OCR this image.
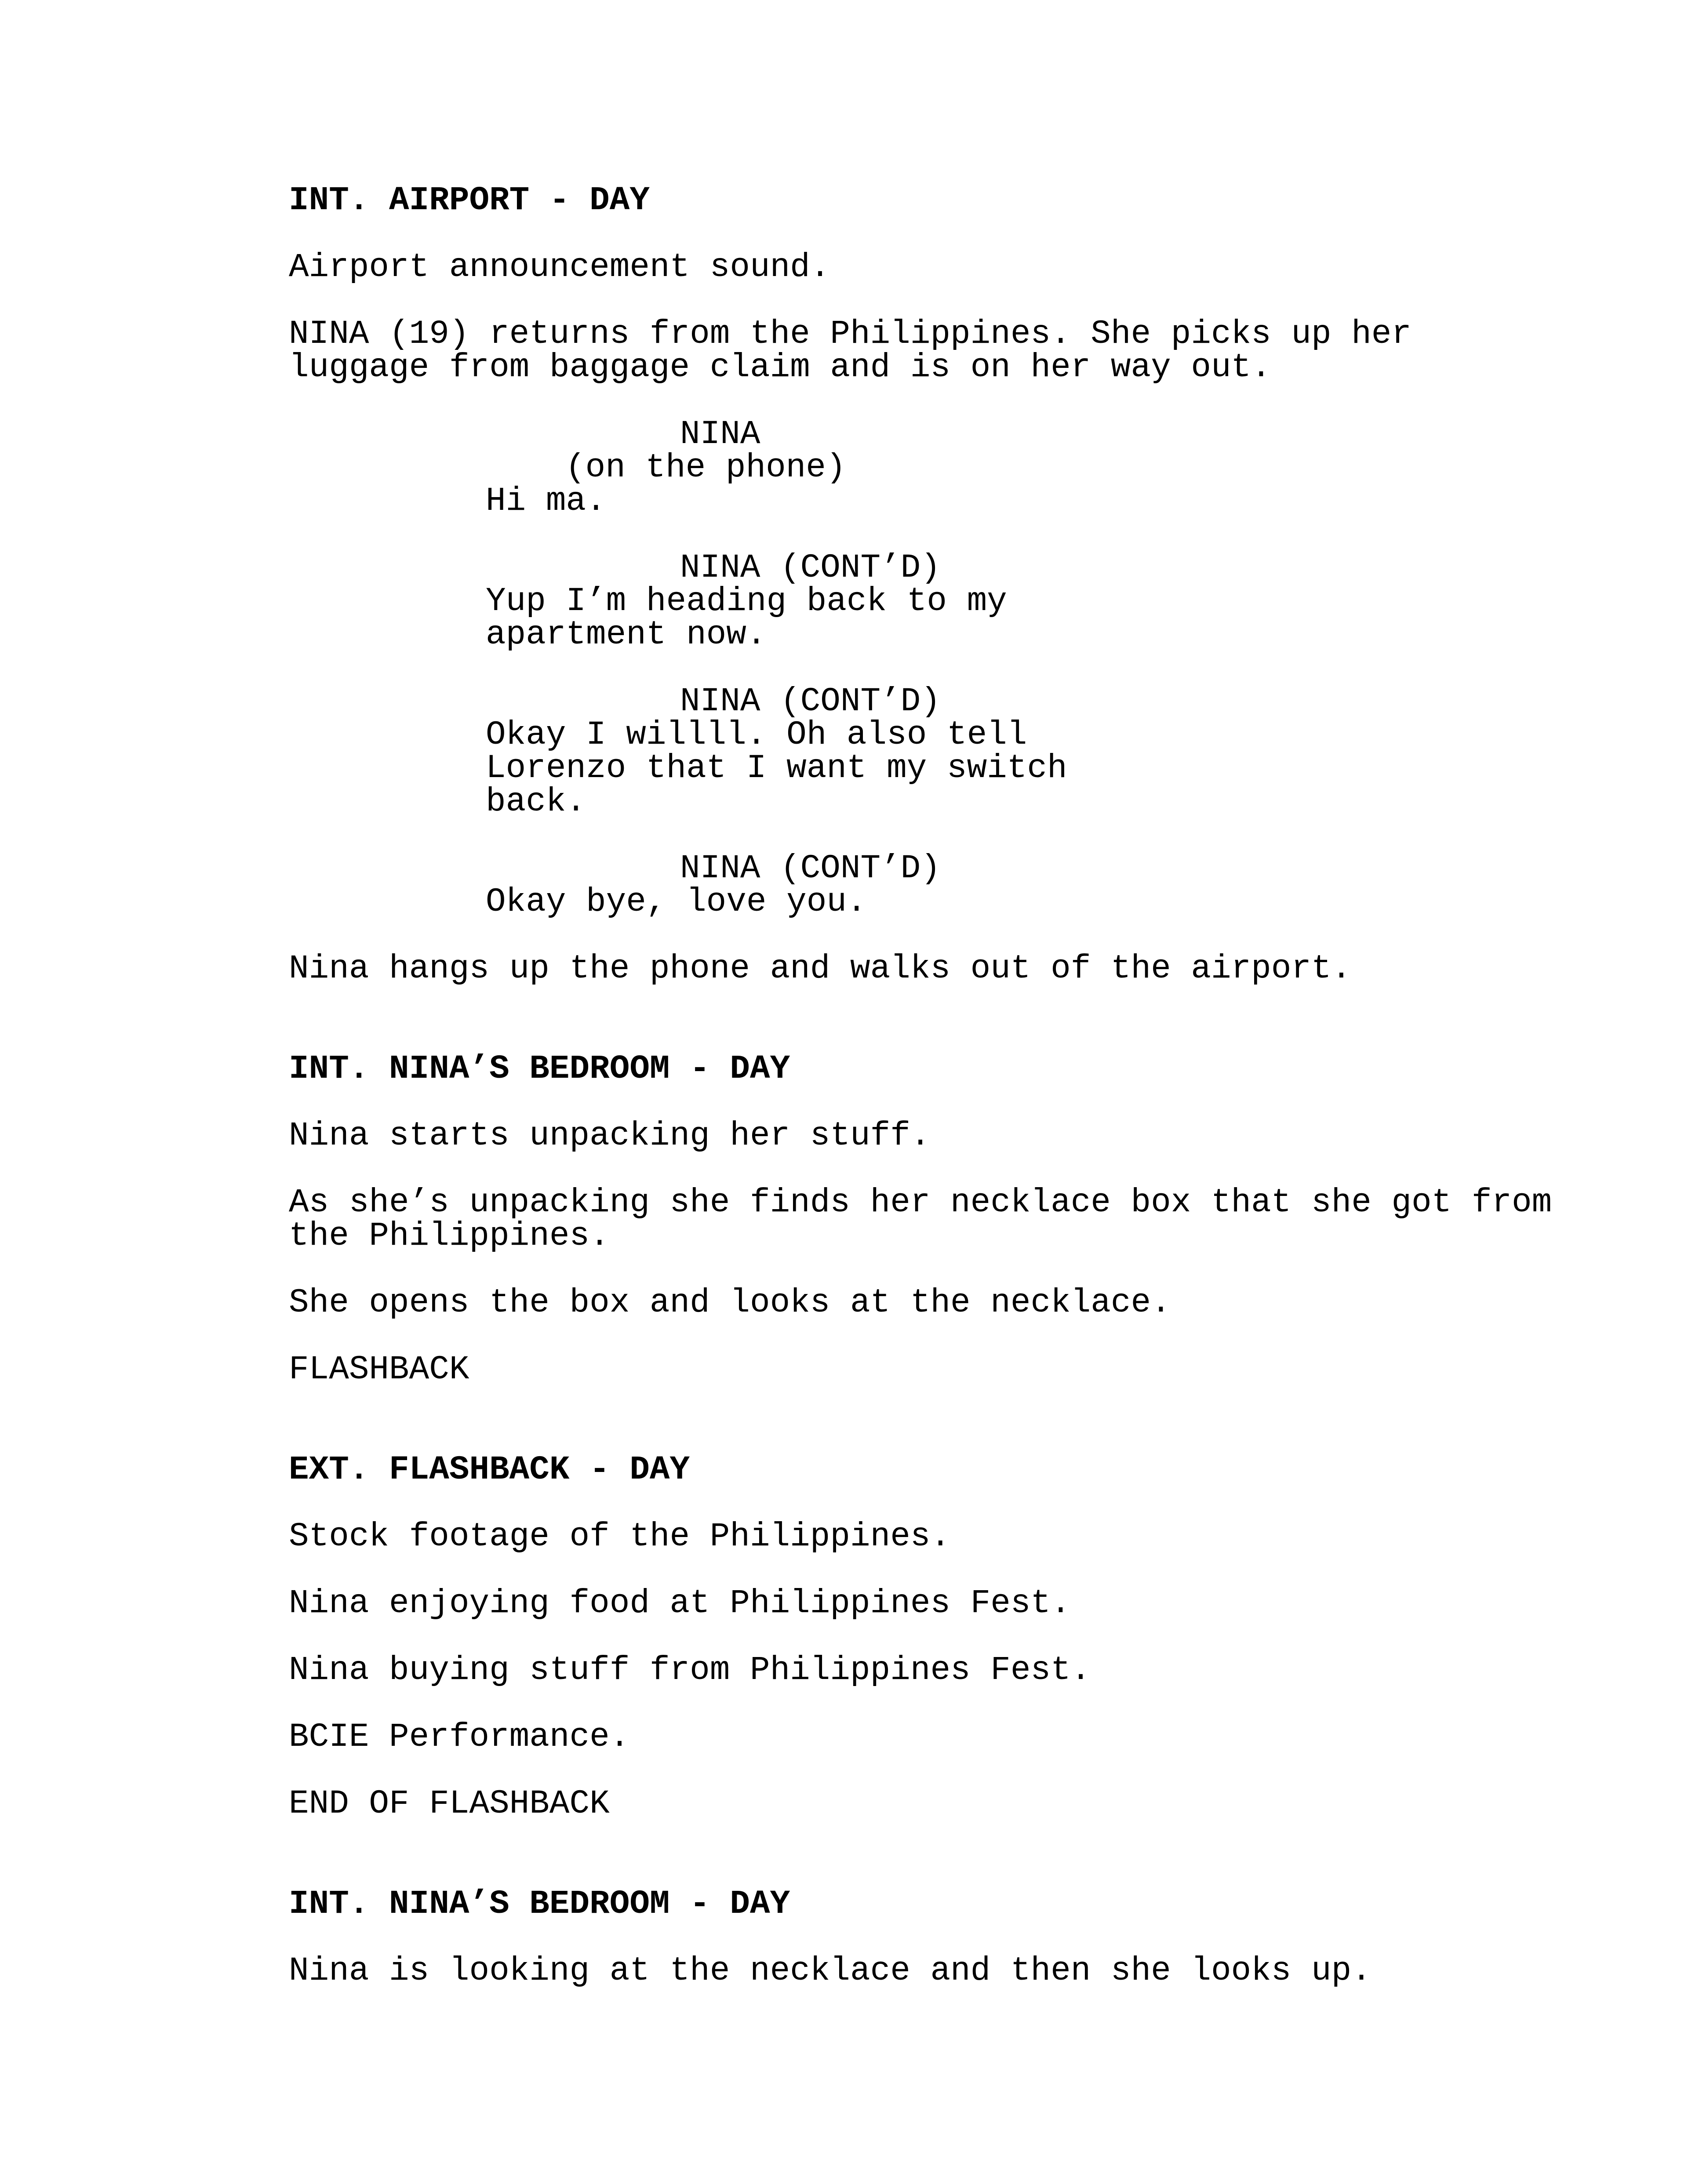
INT. AIRPORT - DAY
Airport announcement sound.
NINA (19) returns from the Philippines. She picks up her
luggage from baggage claim and is on her way out.
NINA
(on the phone)
Hi ma.
NINA (CONT’D)
Yup I’m heading back to my
apartment now.
NINA (CONT’D)
Okay I willll. Oh also tell
Lorenzo that I want my switch
back.
NINA (CONT’D)
Okay bye, love you.
Nina hangs up the phone and walks out of the airport.
INT. NINA’S BEDROOM - DAY
Nina starts unpacking her stuff.
As she’s unpacking she finds her necklace box that she got from
the Philippines.
She opens the box and looks at the necklace.
FLASHBACK
EXT. FLASHBACK - DAY
Stock footage of the Philippines.
Nina enjoying food at Philippines Fest.
Nina buying stuff from Philippines Fest.
BCIE Performance.
END OF FLASHBACK
INT. NINA’S BEDROOM - DAY
Nina is looking at the necklace and then she looks up.
